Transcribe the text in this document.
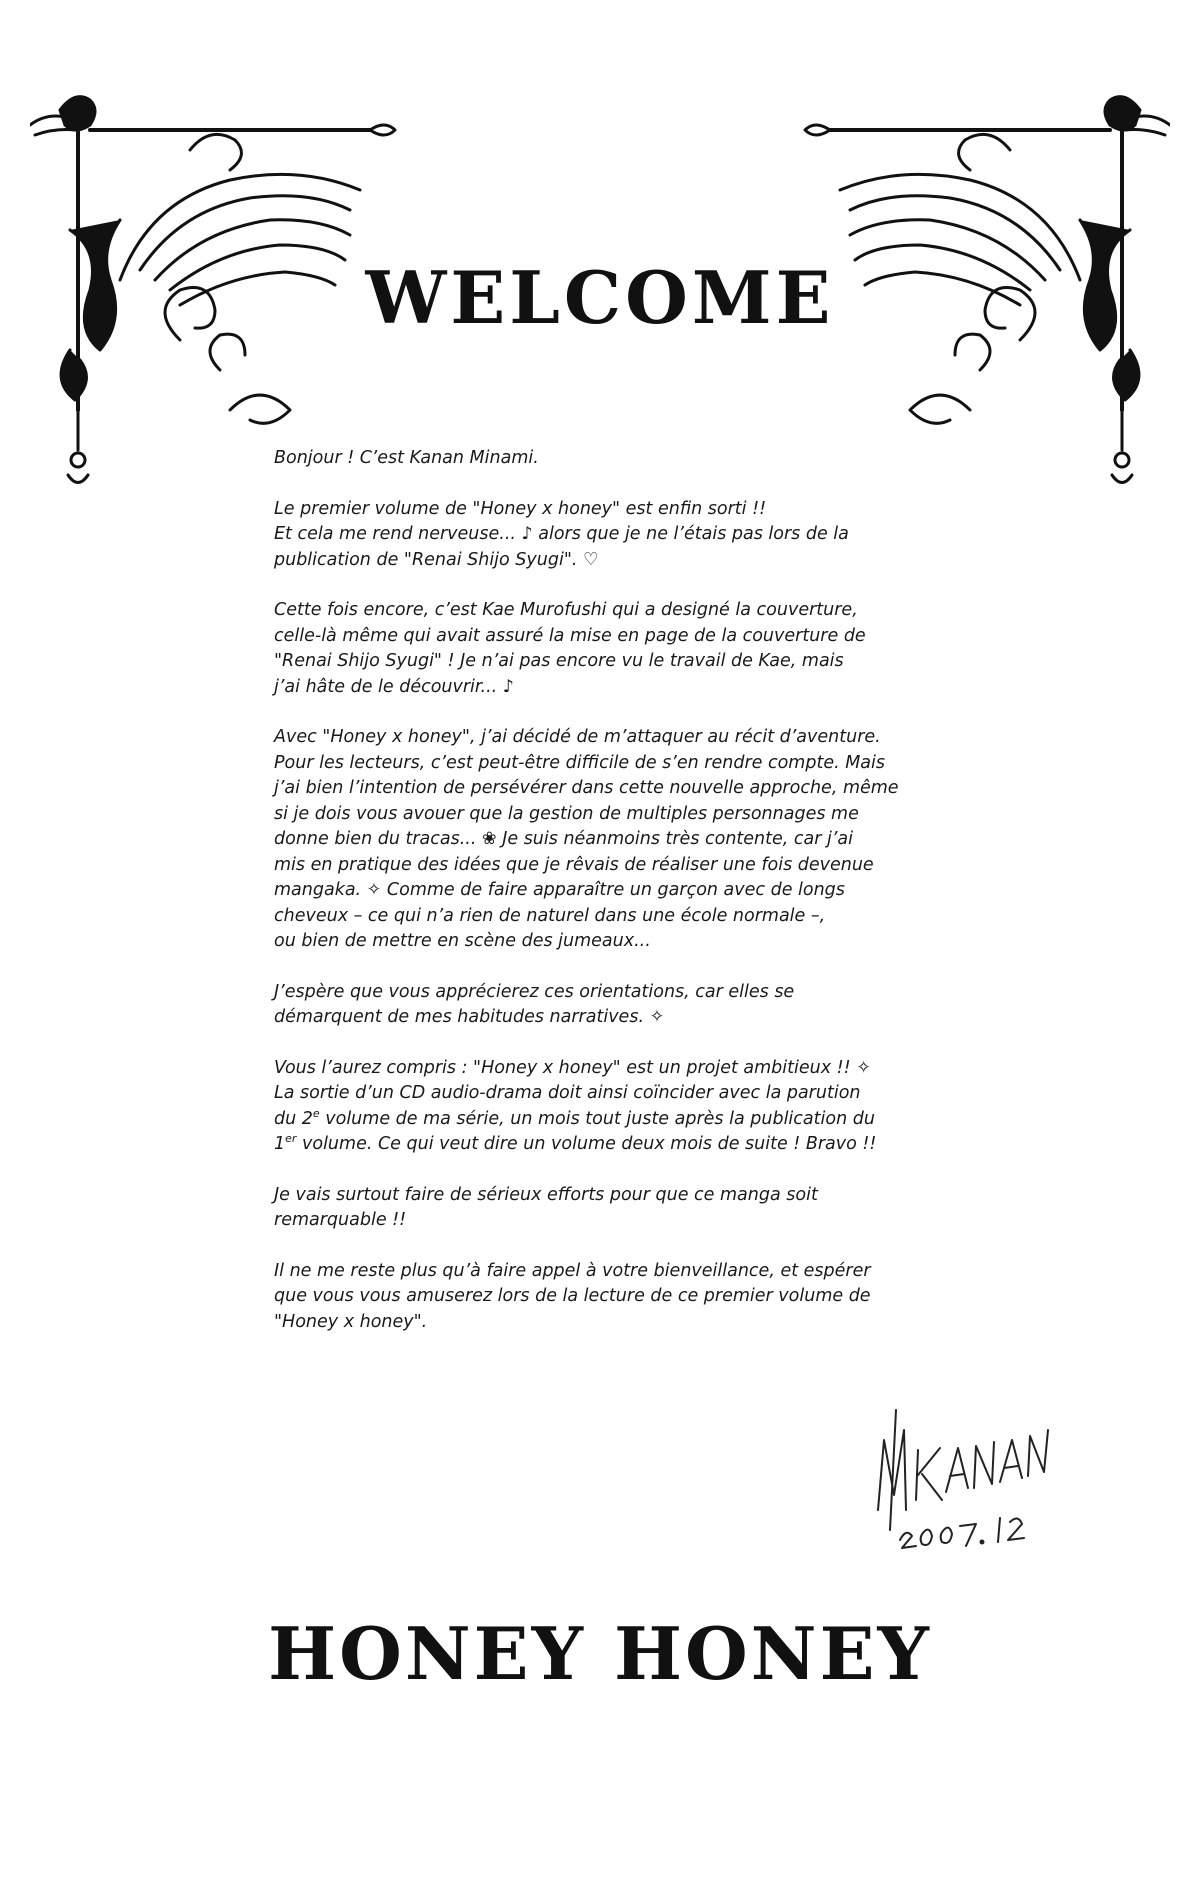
WELCOME

Bonjour ! C’est Kanan Minami.

Le premier volume de "Honey x honey" est enfin sorti !!
Et cela me rend nerveuse... ♪ alors que je ne l’étais pas lors de la
publication de "Renai Shijo Syugi". ♡

Cette fois encore, c’est Kae Murofushi qui a designé la couverture,
celle-là même qui avait assuré la mise en page de la couverture de
"Renai Shijo Syugi" ! Je n’ai pas encore vu le travail de Kae, mais
j’ai hâte de le découvrir... ♪

Avec "Honey x honey", j’ai décidé de m’attaquer au récit d’aventure.
Pour les lecteurs, c’est peut-être difficile de s’en rendre compte. Mais
j’ai bien l’intention de persévérer dans cette nouvelle approche, même
si je dois vous avouer que la gestion de multiples personnages me
donne bien du tracas... ❀ Je suis néanmoins très contente, car j’ai
mis en pratique des idées que je rêvais de réaliser une fois devenue
mangaka. ✧ Comme de faire apparaître un garçon avec de longs
cheveux – ce qui n’a rien de naturel dans une école normale –,
ou bien de mettre en scène des jumeaux...

J’espère que vous apprécierez ces orientations, car elles se
démarquent de mes habitudes narratives. ✧

Vous l’aurez compris : "Honey x honey" est un projet ambitieux !! ✧
La sortie d’un CD audio-drama doit ainsi coïncider avec la parution
du 2e volume de ma série, un mois tout juste après la publication du
1er volume. Ce qui veut dire un volume deux mois de suite ! Bravo !!

Je vais surtout faire de sérieux efforts pour que ce manga soit
remarquable !!

Il ne me reste plus qu’à faire appel à votre bienveillance, et espérer
que vous vous amuserez lors de la lecture de ce premier volume de
"Honey x honey".

HONEY HONEY
